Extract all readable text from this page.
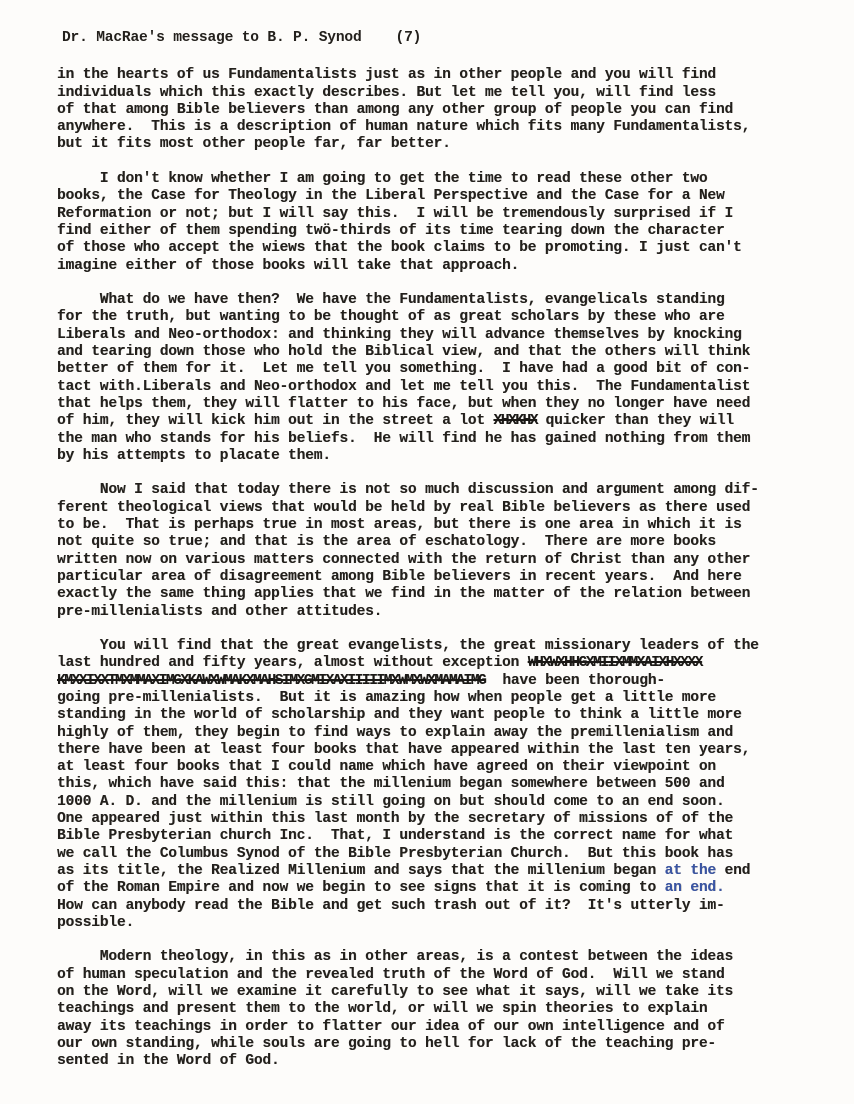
Dr. MacRae's message to B. P. Synod (7)
in the hearts of us Fundamentalists just as in other people and you will find
individuals which this exactly describes. But let me tell you, will find less
of that among Bible believers than among any other group of people you can find
anywhere.  This is a description of human nature which fits many Fundamentalists,
but it fits most other people far, far better.
I don't know whether I am going to get the time to read these other two
books, the Case for Theology in the Liberal Perspective and the Case for a New
Reformation or not; but I will say this.  I will be tremendously surprised if I
find either of them spending twö-thirds of its time tearing down the character
of those who accept the wiews that the book claims to be promoting. I just can't
imagine either of those books will take that approach.
What do we have then?  We have the Fundamentalists, evangelicals standing
for the truth, but wanting to be thought of as great scholars by these who are
Liberals and Neo-orthodox: and thinking they will advance themselves by knocking
and tearing down those who hold the Biblical view, and that the others will think
better of them for it.  Let me tell you something.  I have had a good bit of con-
tact with.Liberals and Neo-orthodox and let me tell you this.  The Fundamentalist
that helps them, they will flatter to his face, but when they no longer have need
of him, they will kick him out in the street a lot XHXKHX quicker than they will
the man who stands for his beliefs.  He will find he has gained nothing from them
by his attempts to placate them.
Now I said that today there is not so much discussion and argument among dif-
ferent theological views that would be held by real Bible believers as there used
to be.  That is perhaps true in most areas, but there is one area in which it is
not quite so true; and that is the area of eschatology.  There are more books
written now on various matters connected with the return of Christ than any other
particular area of disagreement among Bible believers in recent years.  And here
exactly the same thing applies that we find in the matter of the relation between
pre-millenialists and other attitudes.
You will find that the great evangelists, the great missionary leaders of the
last hundred and fifty years, almost without exception WHXWXHHGXMIIXMMXAIXHXXXX
KMXXIXXTMXMMAXIMGXKAWXWMAKXMAHSIMXGMIXAXIIIIIMXWMXWXMAMAIMG  have been thorough-
going pre-millenialists.  But it is amazing how when people get a little more
standing in the world of scholarship and they want people to think a little more
highly of them, they begin to find ways to explain away the premillenialism and
there have been at least four books that have appeared within the last ten years,
at least four books that I could name which have agreed on their viewpoint on
this, which have said this: that the millenium began somewhere between 500 and
1000 A. D. and the millenium is still going on but should come to an end soon.
One appeared just within this last month by the secretary of missions of of the
Bible Presbyterian church Inc.  That, I understand is the correct name for what
we call the Columbus Synod of the Bible Presbyterian Church.  But this book has
as its title, the Realized Millenium and says that the millenium began at the end
of the Roman Empire and now we begin to see signs that it is coming to an end.
How can anybody read the Bible and get such trash out of it?  It's utterly im-
possible.
Modern theology, in this as in other areas, is a contest between the ideas
of human speculation and the revealed truth of the Word of God.  Will we stand
on the Word, will we examine it carefully to see what it says, will we take its
teachings and present them to the world, or will we spin theories to explain
away its teachings in order to flatter our idea of our own intelligence and of
our own standing, while souls are going to hell for lack of the teaching pre-
sented in the Word of God.
